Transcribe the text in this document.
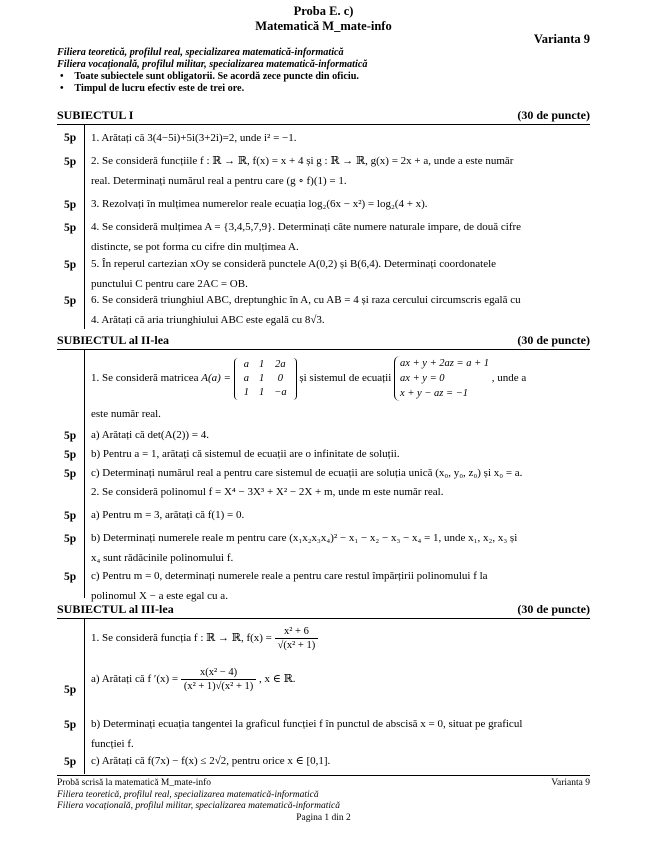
Proba E. c)
Matematică M_mate-info
Varianta 9
Filiera teoretică, profilul real, specializarea matematică-informatică
Filiera vocațională, profilul militar, specializarea matematică-informatică
• Toate subiectele sunt obligatorii. Se acordă zece puncte din oficiu.
• Timpul de lucru efectiv este de trei ore.
SUBIECTUL I	(30 de puncte)
5p 1. Arătați că 3(4−5i)+5i(3+2i)=2, unde i² = −1.
5p 2. Se consideră funcțiile f : ℝ → ℝ, f(x) = x + 4 și g : ℝ → ℝ, g(x) = 2x + a, unde a este număr
real. Determinați numărul real a pentru care (g ∘ f)(1) = 1.
5p 3. Rezolvați în mulțimea numerelor reale ecuația log₂(6x − x²) = log₂(4 + x).
5p 4. Se consideră mulțimea A = {3,4,5,7,9}. Determinați câte numere naturale impare, de două cifre
distincte, se pot forma cu cifre din mulțimea A.
5p 5. În reperul cartezian xOy se consideră punctele A(0,2) și B(6,4). Determinați coordonatele
punctului C pentru care 2AC = OB.
5p 6. Se consideră triunghiul ABC, dreptunghic în A, cu AB = 4 și raza cercului circumscris egală cu
4. Arătați că aria triunghiului ABC este egală cu 8√3.
SUBIECTUL al II-lea	(30 de puncte)
1. Se consideră matricea A(a) =
a	1	2a
a	1	0
1	1	−a
și sistemul de ecuații
ax + y + 2az = a + 1
ax + y = 0
x + y − az = −1
, unde a
este număr real.
5p a) Arătați că det(A(2)) = 4.
5p b) Pentru a = 1, arătați că sistemul de ecuații are o infinitate de soluții.
5p c) Determinați numărul real a pentru care sistemul de ecuații are soluția unică (x₀, y₀, z₀) și x₀ = a.
2. Se consideră polinomul f = X⁴ − 3X³ + X² − 2X + m, unde m este număr real.
5p a) Pentru m = 3, arătați că f(1) = 0.
5p b) Determinați numerele reale m pentru care (x₁x₂x₃x₄)² − x₁ − x₂ − x₃ − x₄ = 1, unde x₁, x₂, x₃ și
x₄ sunt rădăcinile polinomului f.
5p c) Pentru m = 0, determinați numerele reale a pentru care restul împărțirii polinomului f la
polinomul X − a este egal cu a.
SUBIECTUL al III-lea	(30 de puncte)
1. Se consideră funcția f : ℝ → ℝ, $f(x) = \frac{\text{x² + 6}}{\text{√(x² + 1)}}$
5p
a) Arătați că f $'(x) = \frac{\text{x(x² − 4)}}{\text{(x² + 1)√(x² + 1)}}$ , x ∈ ℝ.
5p b) Determinați ecuația tangentei la graficul funcției f în punctul de abscisă x = 0, situat pe graficul
funcției f.
5p c) Arătați că f(7x) − f(x) ≤ 2√2, pentru orice x ∈ [0,1].
Probă scrisă la matematică M_mate-info	Varianta 9
Filiera teoretică, profilul real, specializarea matematică-informatică
Filiera vocațională, profilul militar, specializarea matematică-informatică
Pagina 1 din 2
